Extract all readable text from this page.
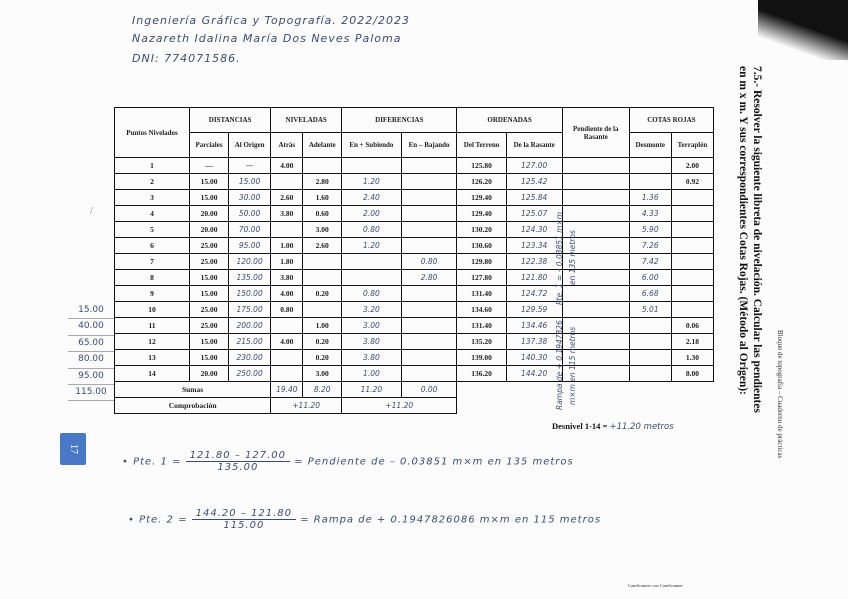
Ingeniería Gráfica y Topografía. 2022/2023
Nazareth Idalina María Dos Neves Paloma
DNI: 774071586.
7.5.- Resolver la siguiente libreta de nivelación. Calcular las pendientes en m x m. Y sus correspondientes Cotas Rojas. (Método al Origen):	Bloque de topografía – Cuaderno de prácticas
/
Puntos Nivelados	DISTANCIAS		NIVELADAS		DIFERENCIAS		ORDENADAS		Pendiente de la Rasante	COTAS ROJAS	
	Parciales	Al Origen	Atrás	Adelante	En + Subiendo	En – Bajando	Del Terreno	De la Rasante		Desmonte	Terraplén
1	—	—	4.00				125.80	127.00			2.00
2	15.00	15.00		2.80	1.20		126.20	125.42			0.92
3	15.00	30.00	2.60	1.60	2.40		129.40	125.84		1.36	
4	20.00	50.00	3.80	0.60	2.00		129.40	125.07		4.33	
5	20.00	70.00		3.00	0.80		130.20	124.30		5.90	
6	25.00	95.00	1.00	2.60	1.20		130.60	123.34		7.26	
7	25.00	120.00	1.80			0.80	129.80	122.38		7.42	
8	15.00	135.00	3.80			2.80	127.80	121.80		6.00	
9	15.00	150.00	4.00	0.20	0.80		131.40	124.72		6.68	
10	25.00	175.00	0.80		3.20		134.60	129.59		5.01	
11	25.00	200.00		1.00	3.00		131.40	134.46			0.06
12	15.00	215.00	4.00	0.20	3.80		135.20	137.38			2.18
13	15.00	230.00		0.20	3.80		139.00	140.30			1.30
14	20.00	250.00		3.00	1.00		136.20	144.20			8.00
Sumas			19.40	8.20	11.20	0.00					
Comprobación			+11.20		+11.20						
Pte. 1 = – 0.03851 m×m en 135 metros
Rampa de + 0.1947826 m×m en 115 metros
15.00
40.00
65.00
80.00
95.00
115.00
Desnivel 1-14 = +11.20 metros
17
• Pte. $1 = \frac{121.80 - 127.00}{135.00}$ = Pendiente de – 0.03851 m×m en 135 metros
• Pte. $2 = \frac{144.20 - 121.80}{115.00}$ = Rampa de + 0.1947826086 m×m en 115 metros
CamScanner con CamScanner
